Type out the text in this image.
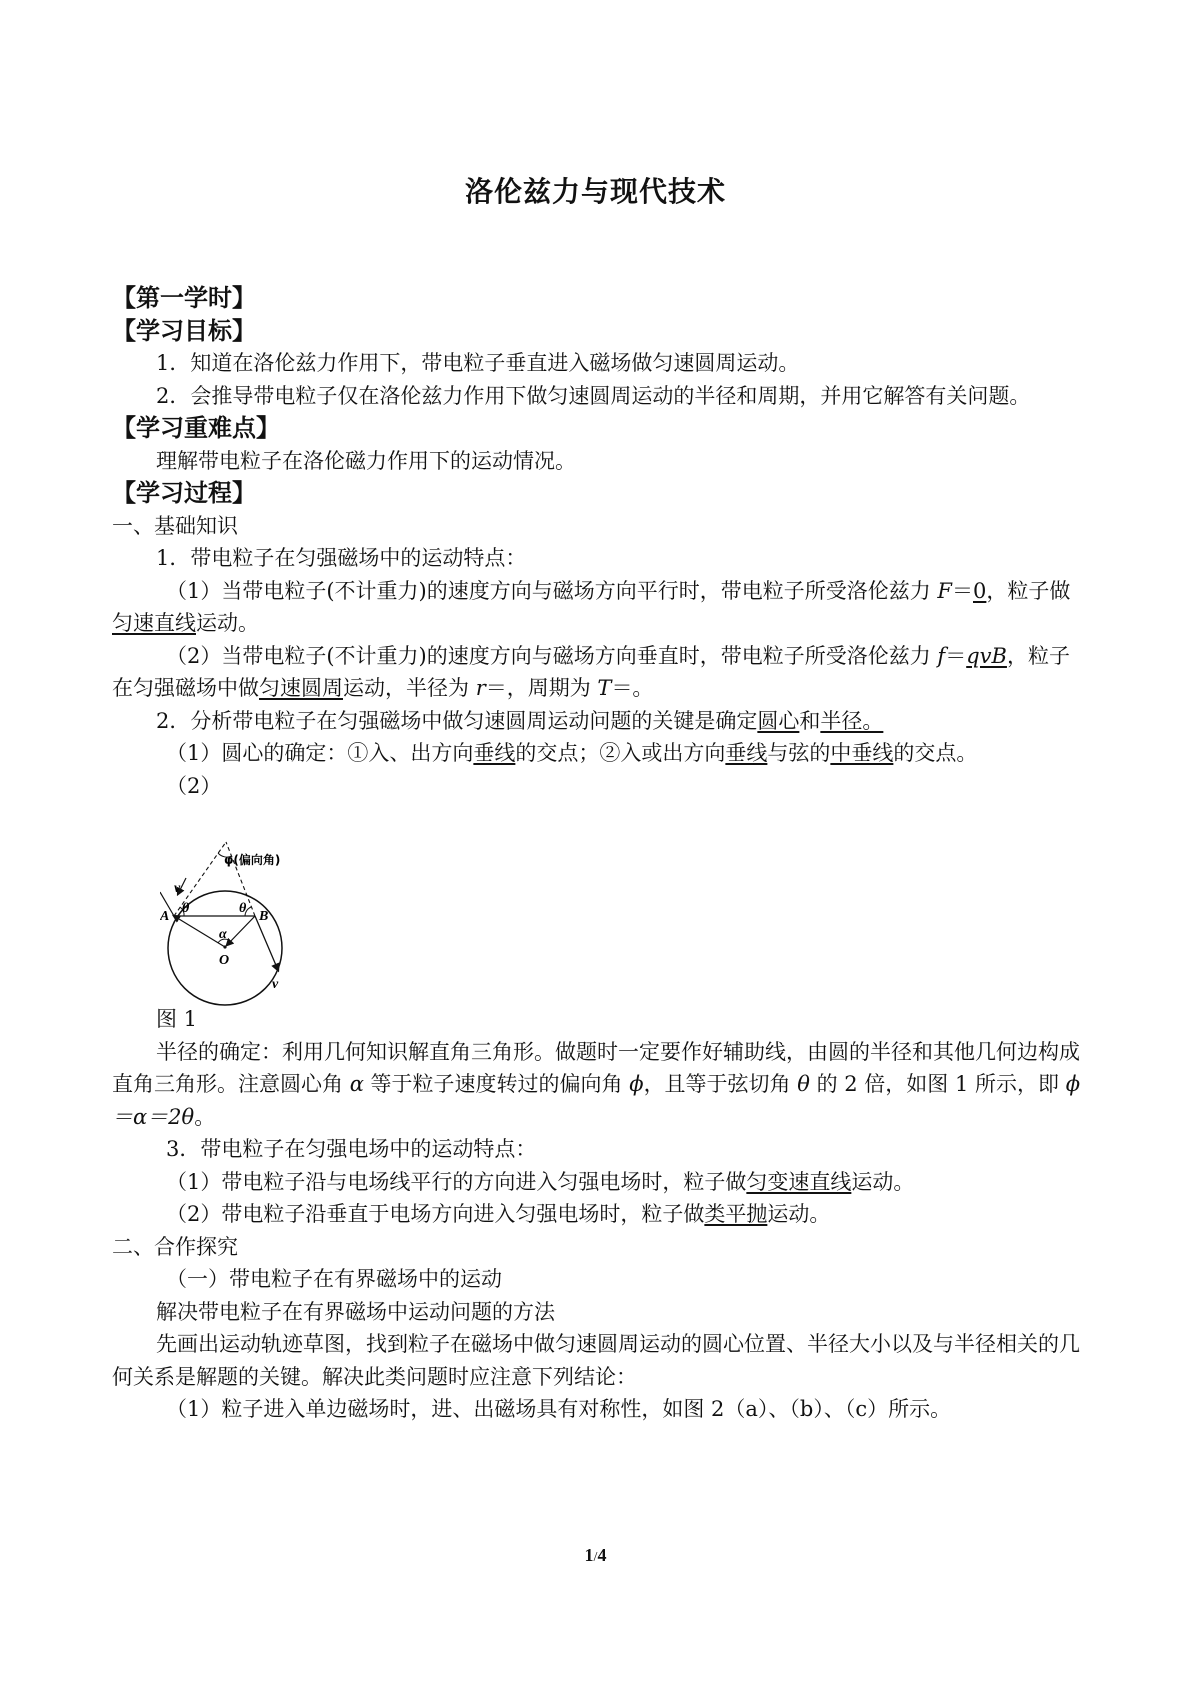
洛伦兹力与现代技术
【第一学时】
【学习目标】
1．知道在洛伦兹力作用下，带电粒子垂直进入磁场做匀速圆周运动。
2．会推导带电粒子仅在洛伦兹力作用下做匀速圆周运动的半径和周期，并用它解答有关问题。
【学习重难点】
理解带电粒子在洛伦磁力作用下的运动情况。
【学习过程】
一、基础知识
1．带电粒子在匀强磁场中的运动特点：
（1）当带电粒子(不计重力)的速度方向与磁场方向平行时，带电粒子所受洛伦兹力 F＝0，粒子做匀速直线运动。
（2）当带电粒子(不计重力)的速度方向与磁场方向垂直时，带电粒子所受洛伦兹力 f＝qvB，粒子在匀强磁场中做匀速圆周运动，半径为 r＝，周期为 T＝。
2．分析带电粒子在匀强磁场中做匀速圆周运动问题的关键是确定圆心和半径。
（1）圆心的确定：①入、出方向垂线的交点；②入或出方向垂线与弦的中垂线的交点。
（2）
图 1
半径的确定：利用几何知识解直角三角形。做题时一定要作好辅助线，由圆的半径和其他几何边构成直角三角形。注意圆心角 α 等于粒子速度转过的偏向角 ϕ，且等于弦切角 θ 的 2 倍，如图 1 所示，即 ϕ＝α＝2θ。
3．带电粒子在匀强电场中的运动特点：
（1）带电粒子沿与电场线平行的方向进入匀强电场时，粒子做匀变速直线运动。
（2）带电粒子沿垂直于电场方向进入匀强电场时，粒子做类平抛运动。
二、合作探究
（一）带电粒子在有界磁场中的运动
解决带电粒子在有界磁场中运动问题的方法
先画出运动轨迹草图，找到粒子在磁场中做匀速圆周运动的圆心位置、半径大小以及与半径相关的几何关系是解题的关键。解决此类问题时应注意下列结论：
（1）粒子进入单边磁场时，进、出磁场具有对称性，如图 2（a）、（b）、（c）所示。
φ(偏向角)
v
A	B
θ	θ
α
O
v
1/4
